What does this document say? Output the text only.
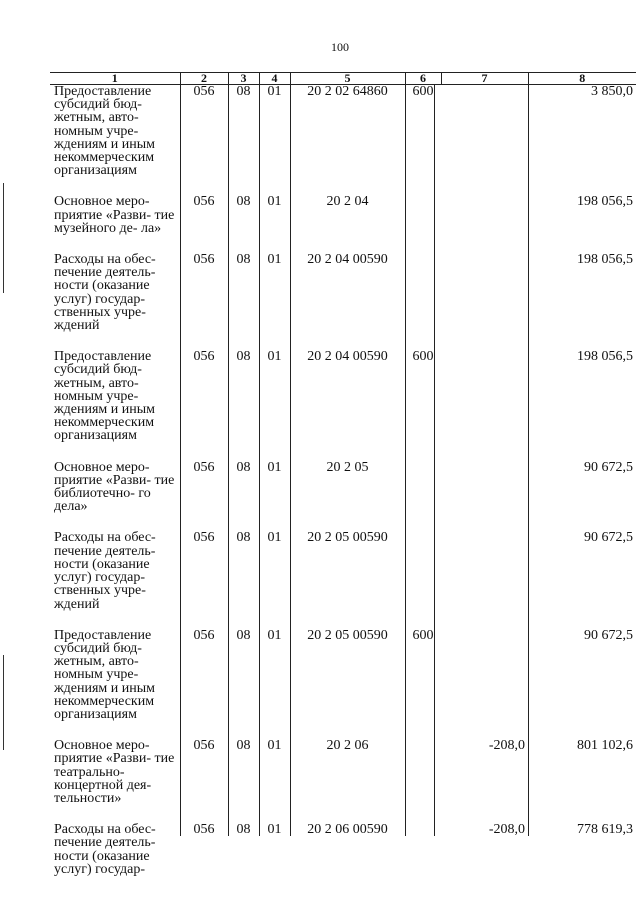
100
1	2	3	4	5	6	7	8
Предоставление субсидий бюд- жетным, авто- номным учре- ждениям и иным некоммерческим организациям	056	08	01	20 2 02 64860	600		3 850,0
Основное меро- приятие «Разви- тие музейного де- ла»	056	08	01	20 2 04			198 056,5
Расходы на обес- печение деятель- ности (оказание услуг) государ- ственных учре- ждений	056	08	01	20 2 04 00590			198 056,5
Предоставление субсидий бюд- жетным, авто- номным учре- ждениям и иным некоммерческим организациям	056	08	01	20 2 04 00590	600		198 056,5
Основное меро- приятие «Разви- тие библиотечно- го дела»	056	08	01	20 2 05			90 672,5
Расходы на обес- печение деятель- ности (оказание услуг) государ- ственных учре- ждений	056	08	01	20 2 05 00590			90 672,5
Предоставление субсидий бюд- жетным, авто- номным учре- ждениям и иным некоммерческим организациям	056	08	01	20 2 05 00590	600		90 672,5
Основное меро- приятие «Разви- тие театрально- концертной дея- тельности»	056	08	01	20 2 06		-208,0	801 102,6
Расходы на обес- печение деятель- ности (оказание услуг) государ-	056	08	01	20 2 06 00590		-208,0	778 619,3
